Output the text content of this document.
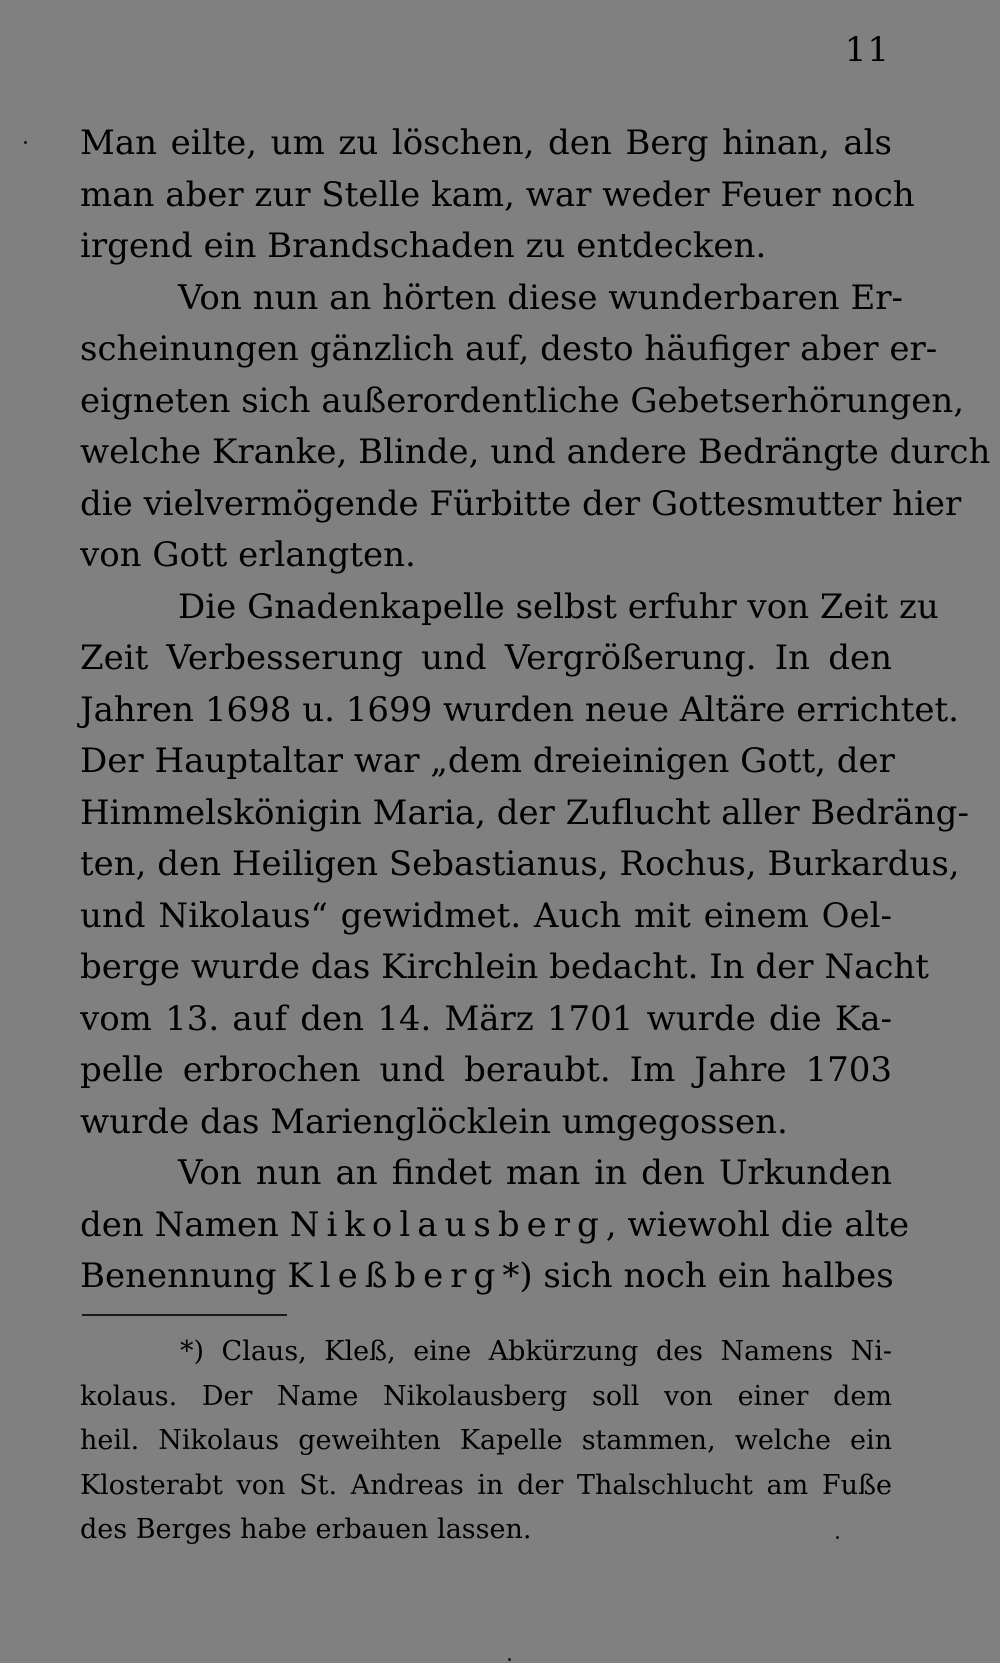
11
Man eilte, um zu löschen, den Berg hinan, als
man aber zur Stelle kam, war weder Feuer noch
irgend ein Brandschaden zu entdecken.
Von nun an hörten diese wunderbaren Er-
scheinungen gänzlich auf, desto häufiger aber er-
eigneten sich außerordentliche Gebetserhörungen,
welche Kranke, Blinde, und andere Bedrängte durch
die vielvermögende Fürbitte der Gottesmutter hier
von Gott erlangten.
Die Gnadenkapelle selbst erfuhr von Zeit zu
Zeit Verbesserung und Vergrößerung. In den
Jahren 1698 u. 1699 wurden neue Altäre errichtet.
Der Hauptaltar war „dem dreieinigen Gott, der
Himmelskönigin Maria, der Zuflucht aller Bedräng-
ten, den Heiligen Sebastianus, Rochus, Burkardus,
und Nikolaus“ gewidmet. Auch mit einem Oel-
berge wurde das Kirchlein bedacht. In der Nacht
vom 13. auf den 14. März 1701 wurde die Ka-
pelle erbrochen und beraubt. Im Jahre 1703
wurde das Marienglöcklein umgegossen.
Von nun an findet man in den Urkunden
den Namen Nikolausberg, wiewohl die alte
Benennung Kleßberg*) sich noch ein halbes
*) Claus, Kleß, eine Abkürzung des Namens Ni-
kolaus. Der Name Nikolausberg soll von einer dem
heil. Nikolaus geweihten Kapelle stammen, welche ein
Klosterabt von St. Andreas in der Thalschlucht am Fuße
des Berges habe erbauen lassen.
